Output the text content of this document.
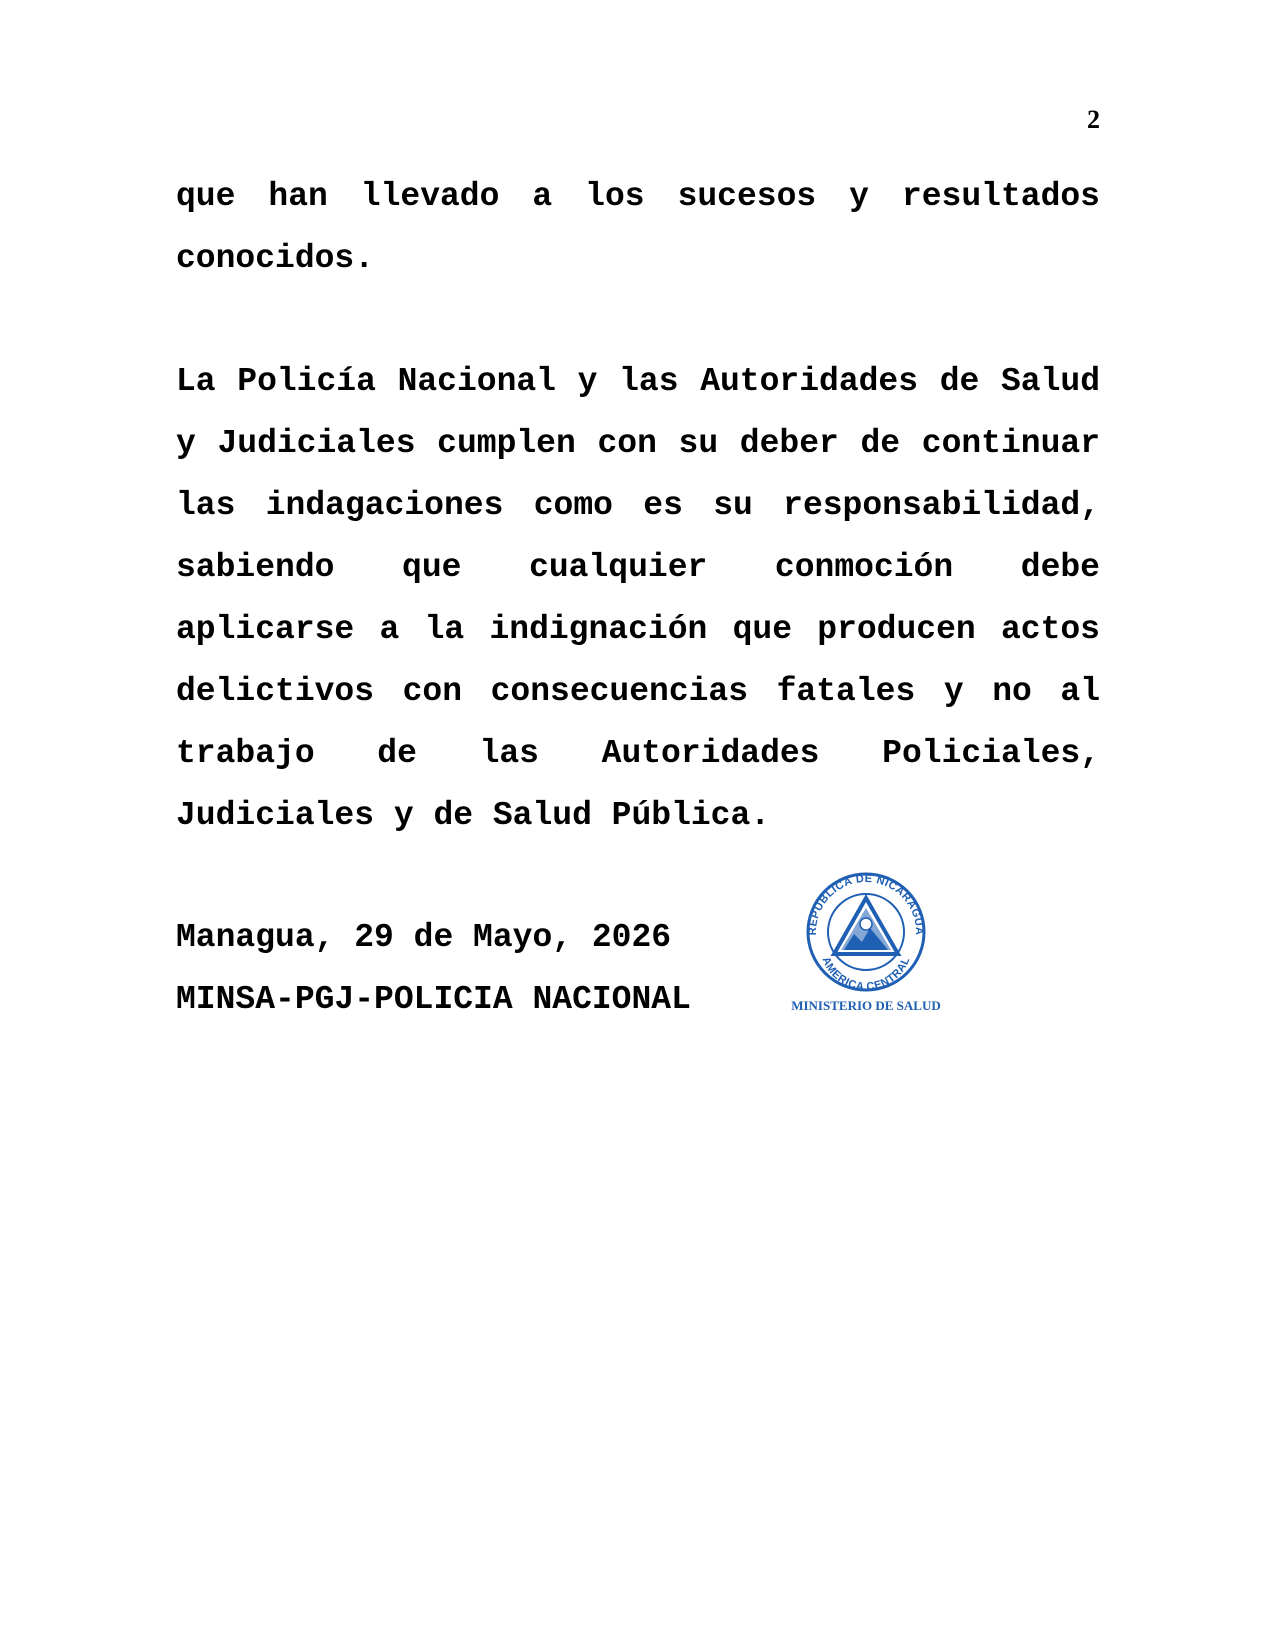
2

que han llevado a los sucesos y resultados conocidos.

La Policía Nacional y las Autoridades de Salud y Judiciales cumplen con su deber de continuar las indagaciones como es su responsabilidad, sabiendo que cualquier conmoción debe aplicarse a la indignación que producen actos delictivos con consecuencias fatales y no al trabajo de las Autoridades Policiales, Judiciales y de Salud Pública.

Managua, 29 de Mayo, 2026
MINSA-PGJ-POLICIA NACIONAL
REPUBLICA DE NICARAGUA
AMERICA CENTRAL
MINISTERIO DE SALUD
